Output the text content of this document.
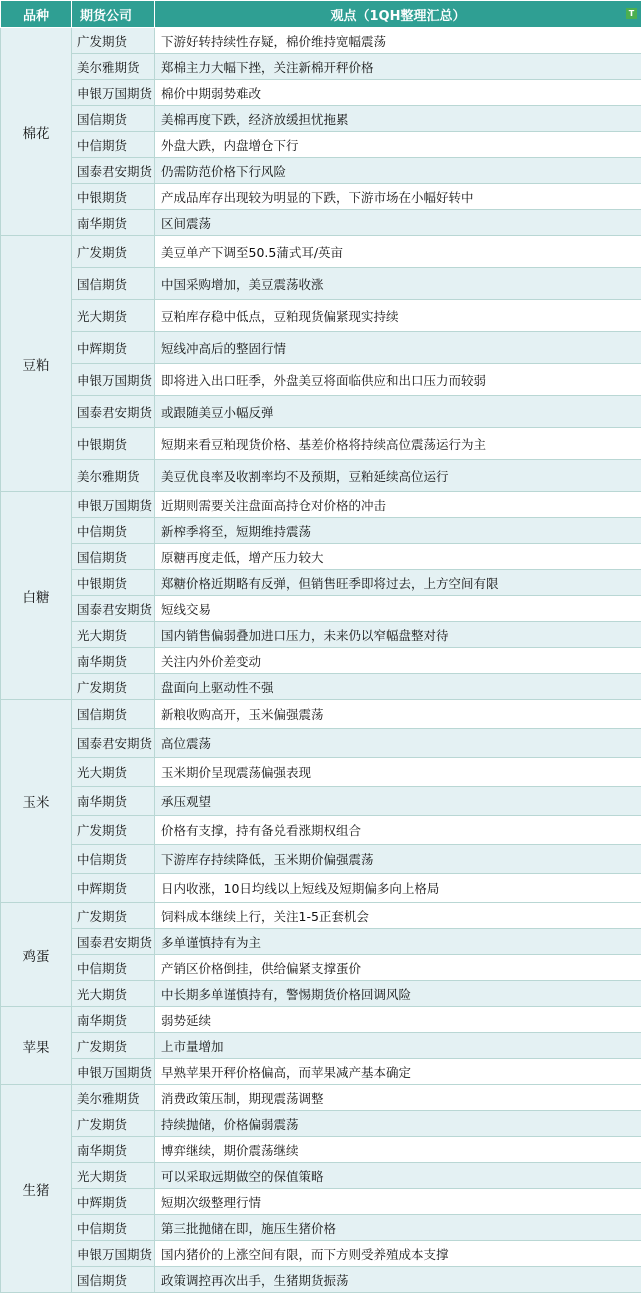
品种	期货公司	观点（1QH整理汇总） T

棉花	广发期货	下游好转持续性存疑，棉价维持宽幅震荡
	美尔雅期货	郑棉主力大幅下挫，关注新棉开秤价格
	申银万国期货	棉价中期弱势难改
	国信期货	美棉再度下跌，经济放缓担忧拖累
	中信期货	外盘大跌，内盘增仓下行
	国泰君安期货	仍需防范价格下行风险
	中银期货	产成品库存出现较为明显的下跌，下游市场在小幅好转中
	南华期货	区间震荡
豆粕	广发期货	美豆单产下调至50.5蒲式耳/英亩
	国信期货	中国采购增加，美豆震荡收涨
	光大期货	豆粕库存稳中低点，豆粕现货偏紧现实持续
	中辉期货	短线冲高后的整固行情
	申银万国期货	即将进入出口旺季，外盘美豆将面临供应和出口压力而较弱
	国泰君安期货	或跟随美豆小幅反弹
	中银期货	短期来看豆粕现货价格、基差价格将持续高位震荡运行为主
	美尔雅期货	美豆优良率及收割率均不及预期，豆粕延续高位运行
白糖	申银万国期货	近期则需要关注盘面高持仓对价格的冲击
	中信期货	新榨季将至，短期维持震荡
	国信期货	原糖再度走低，增产压力较大
	中银期货	郑糖价格近期略有反弹，但销售旺季即将过去，上方空间有限
	国泰君安期货	短线交易
	光大期货	国内销售偏弱叠加进口压力，未来仍以窄幅盘整对待
	南华期货	关注内外价差变动
	广发期货	盘面向上驱动性不强
玉米	国信期货	新粮收购高开，玉米偏强震荡
	国泰君安期货	高位震荡
	光大期货	玉米期价呈现震荡偏强表现
	南华期货	承压观望
	广发期货	价格有支撑，持有备兑看涨期权组合
	中信期货	下游库存持续降低，玉米期价偏强震荡
	中辉期货	日内收涨，10日均线以上短线及短期偏多向上格局
鸡蛋	广发期货	饲料成本继续上行，关注1-5正套机会
	国泰君安期货	多单谨慎持有为主
	中信期货	产销区价格倒挂，供给偏紧支撑蛋价
	光大期货	中长期多单谨慎持有，警惕期货价格回调风险
苹果	南华期货	弱势延续
	广发期货	上市量增加
	申银万国期货	早熟苹果开秤价格偏高，而苹果减产基本确定
生猪	美尔雅期货	消费政策压制，期现震荡调整
	广发期货	持续抛储，价格偏弱震荡
	南华期货	博弈继续，期价震荡继续
	光大期货	可以采取远期做空的保值策略
	中辉期货	短期次级整理行情
	中信期货	第三批抛储在即，施压生猪价格
	申银万国期货	国内猪价的上涨空间有限，而下方则受养殖成本支撑
	国信期货	政策调控再次出手，生猪期货振荡
